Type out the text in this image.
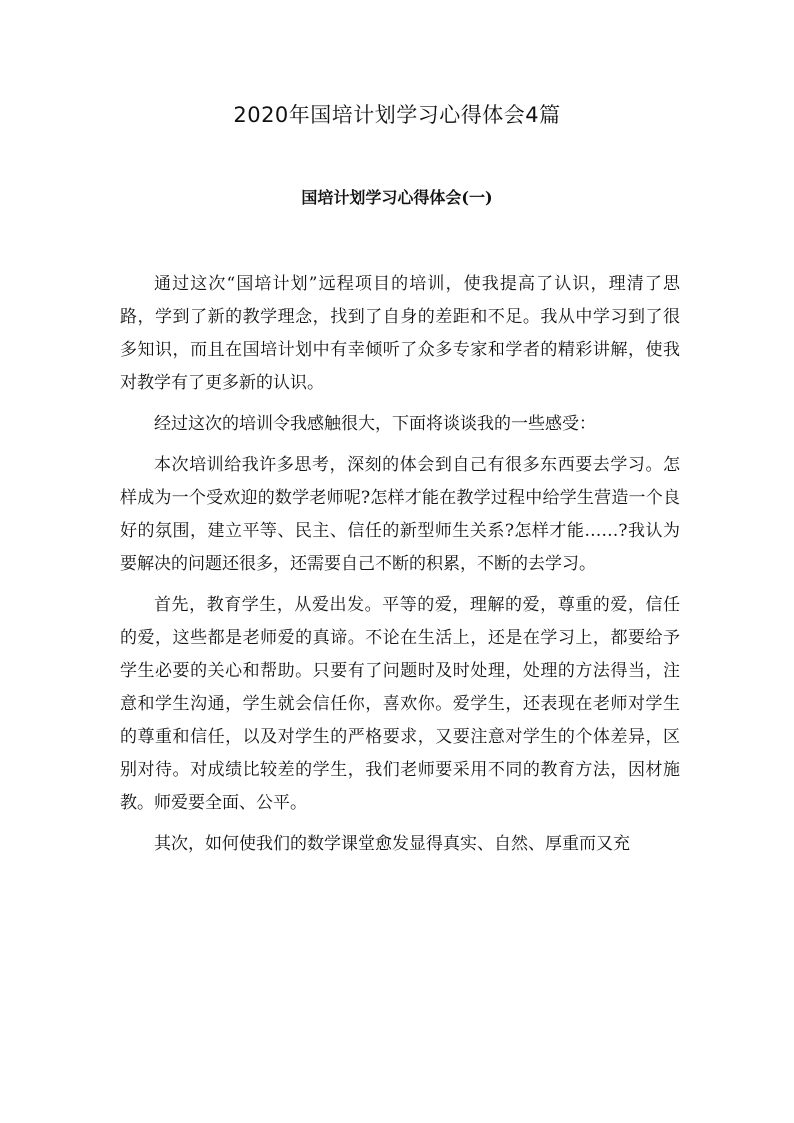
2020年国培计划学习心得体会4篇
国培计划学习心得体会(一)

通过这次“国培计划”远程项目的培训，使我提高了认识，理清了思路，学到了新的教学理念，找到了自身的差距和不足。我从中学习到了很多知识，而且在国培计划中有幸倾听了众多专家和学者的精彩讲解，使我对教学有了更多新的认识。

经过这次的培训令我感触很大，下面将谈谈我的一些感受：

本次培训给我许多思考，深刻的体会到自己有很多东西要去学习。怎样成为一个受欢迎的数学老师呢?怎样才能在教学过程中给学生营造一个良好的氛围，建立平等、民主、信任的新型师生关系?怎样才能……?我认为要解决的问题还很多，还需要自己不断的积累，不断的去学习。

首先，教育学生，从爱出发。平等的爱，理解的爱，尊重的爱，信任的爱，这些都是老师爱的真谛。不论在生活上，还是在学习上，都要给予学生必要的关心和帮助。只要有了问题时及时处理，处理的方法得当，注意和学生沟通，学生就会信任你，喜欢你。爱学生，还表现在老师对学生的尊重和信任，以及对学生的严格要求，又要注意对学生的个体差异，区别对待。对成绩比较差的学生，我们老师要采用不同的教育方法，因材施教。师爱要全面、公平。

其次，如何使我们的数学课堂愈发显得真实、自然、厚重而又充
